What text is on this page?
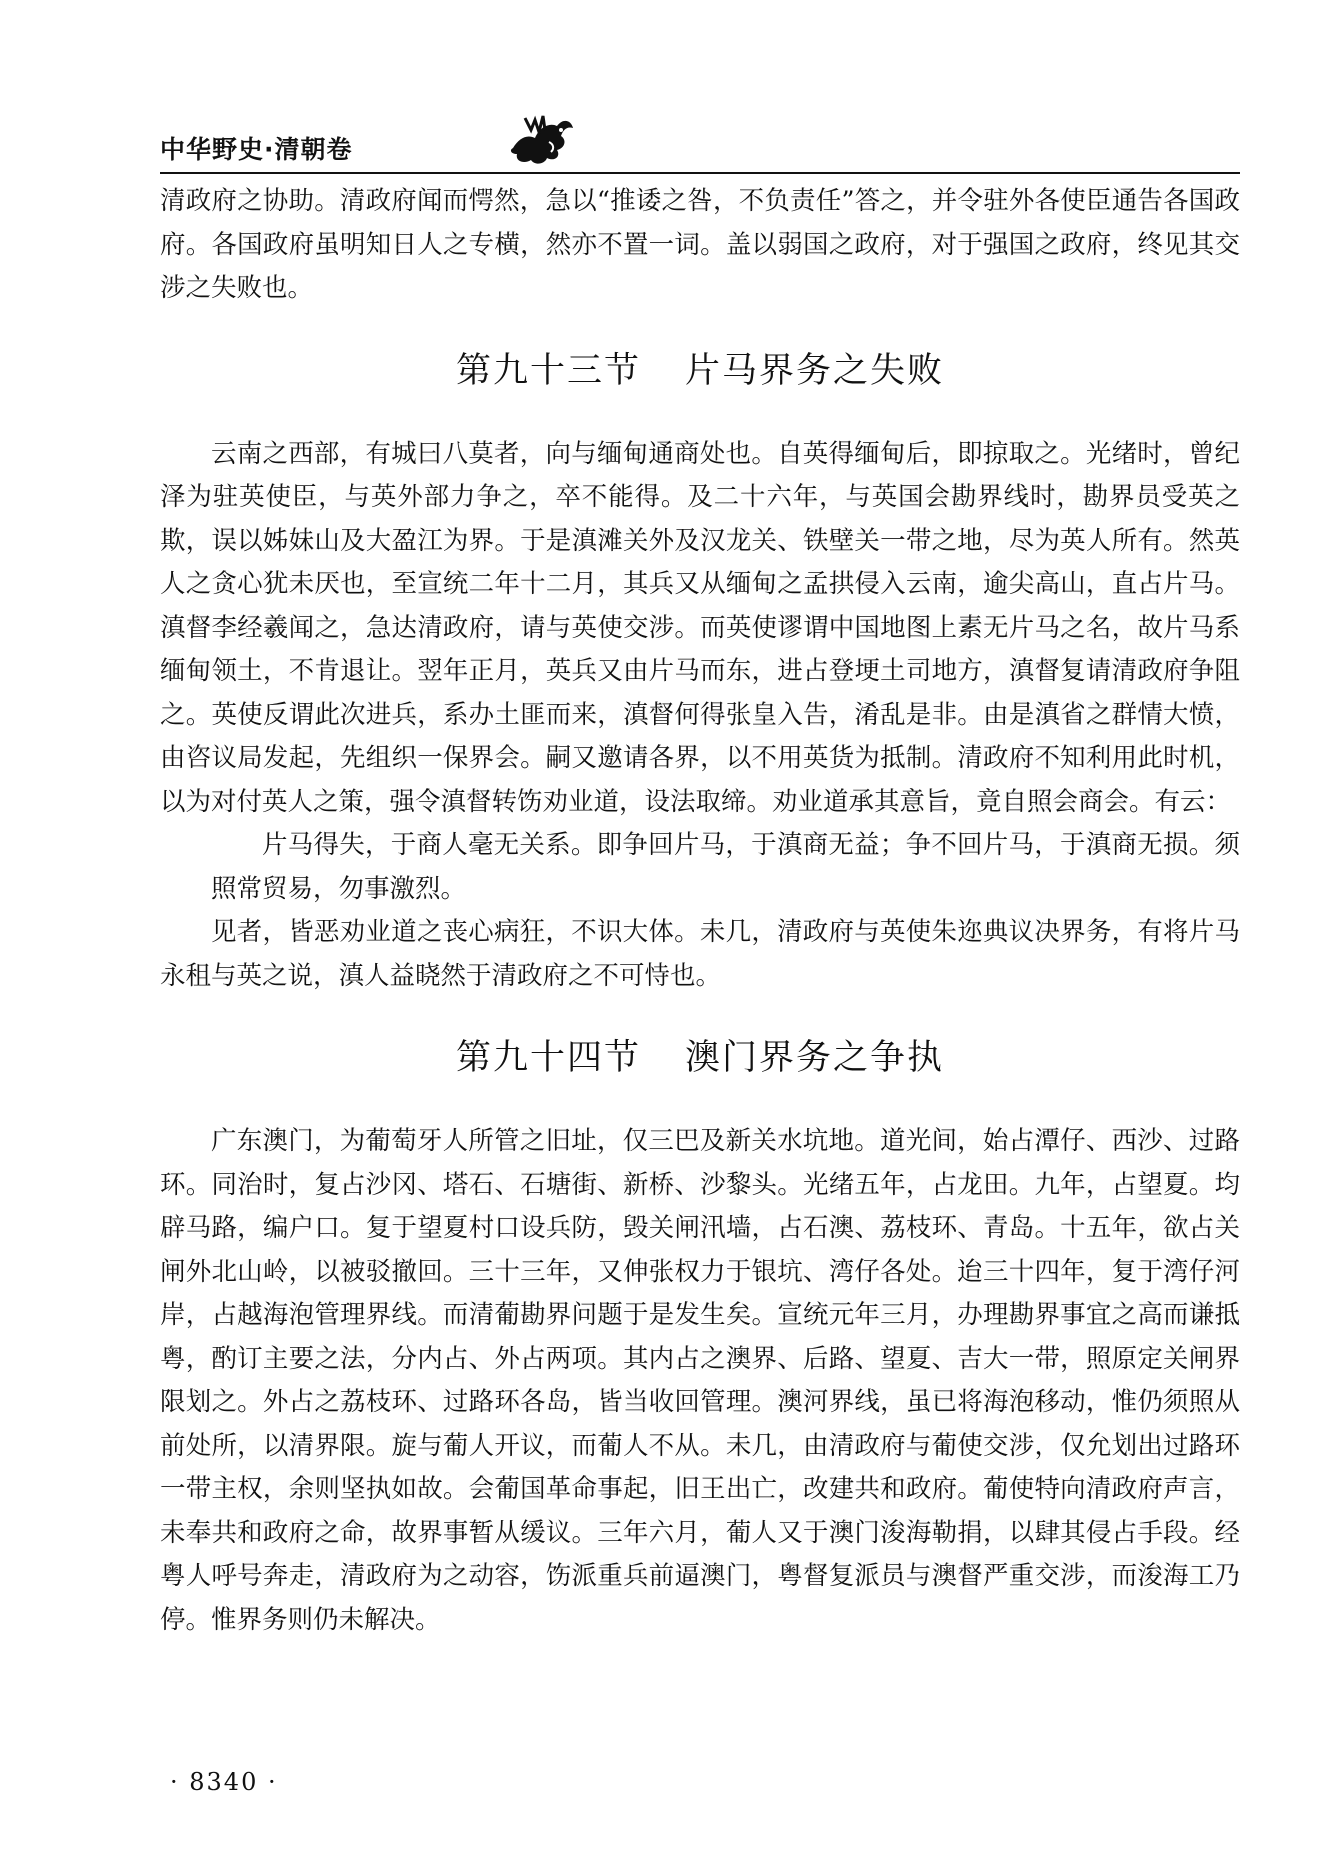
中华野史·清朝卷

清政府之协助。清政府闻而愕然，急以“推诿之咎，不负责任”答之，并令驻外各使臣通告各国政府。各国政府虽明知日人之专横，然亦不置一词。盖以弱国之政府，对于强国之政府，终见其交涉之失败也。

第九十三节 片马界务之失败

云南之西部，有城曰八莫者，向与缅甸通商处也。自英得缅甸后，即掠取之。光绪时，曾纪泽为驻英使臣，与英外部力争之，卒不能得。及二十六年，与英国会勘界线时，勘界员受英之欺，误以姊妹山及大盈江为界。于是滇滩关外及汉龙关、铁壁关一带之地，尽为英人所有。然英人之贪心犹未厌也，至宣统二年十二月，其兵又从缅甸之孟拱侵入云南，逾尖高山，直占片马。滇督李经羲闻之，急达清政府，请与英使交涉。而英使谬谓中国地图上素无片马之名，故片马系缅甸领土，不肯退让。翌年正月，英兵又由片马而东，进占登埂土司地方，滇督复请清政府争阻之。英使反谓此次进兵，系办土匪而来，滇督何得张皇入告，淆乱是非。由是滇省之群情大愤，由咨议局发起，先组织一保界会。嗣又邀请各界，以不用英货为抵制。清政府不知利用此时机，以为对付英人之策，强令滇督转饬劝业道，设法取缔。劝业道承其意旨，竟自照会商会。有云：

片马得失，于商人毫无关系。即争回片马，于滇商无益；争不回片马，于滇商无损。须照常贸易，勿事激烈。

见者，皆恶劝业道之丧心病狂，不识大体。未几，清政府与英使朱迩典议决界务，有将片马永租与英之说，滇人益晓然于清政府之不可恃也。

第九十四节 澳门界务之争执

广东澳门，为葡萄牙人所管之旧址，仅三巴及新关水坑地。道光间，始占潭仔、西沙、过路环。同治时，复占沙冈、塔石、石塘街、新桥、沙黎头。光绪五年，占龙田。九年，占望夏。均辟马路，编户口。复于望夏村口设兵防，毁关闸汛墙，占石澳、荔枝环、青岛。十五年，欲占关闸外北山岭，以被驳撤回。三十三年，又伸张权力于银坑、湾仔各处。迨三十四年，复于湾仔河岸，占越海泡管理界线。而清葡勘界问题于是发生矣。宣统元年三月，办理勘界事宜之高而谦抵粤，酌订主要之法，分内占、外占两项。其内占之澳界、后路、望夏、吉大一带，照原定关闸界限划之。外占之荔枝环、过路环各岛，皆当收回管理。澳河界线，虽已将海泡移动，惟仍须照从前处所，以清界限。旋与葡人开议，而葡人不从。未几，由清政府与葡使交涉，仅允划出过路环一带主权，余则坚执如故。会葡国革命事起，旧王出亡，改建共和政府。葡使特向清政府声言，未奉共和政府之命，故界事暂从缓议。三年六月，葡人又于澳门浚海勒捐，以肆其侵占手段。经粤人呼号奔走，清政府为之动容，饬派重兵前逼澳门，粤督复派员与澳督严重交涉，而浚海工乃停。惟界务则仍未解决。

· 8340 ·
